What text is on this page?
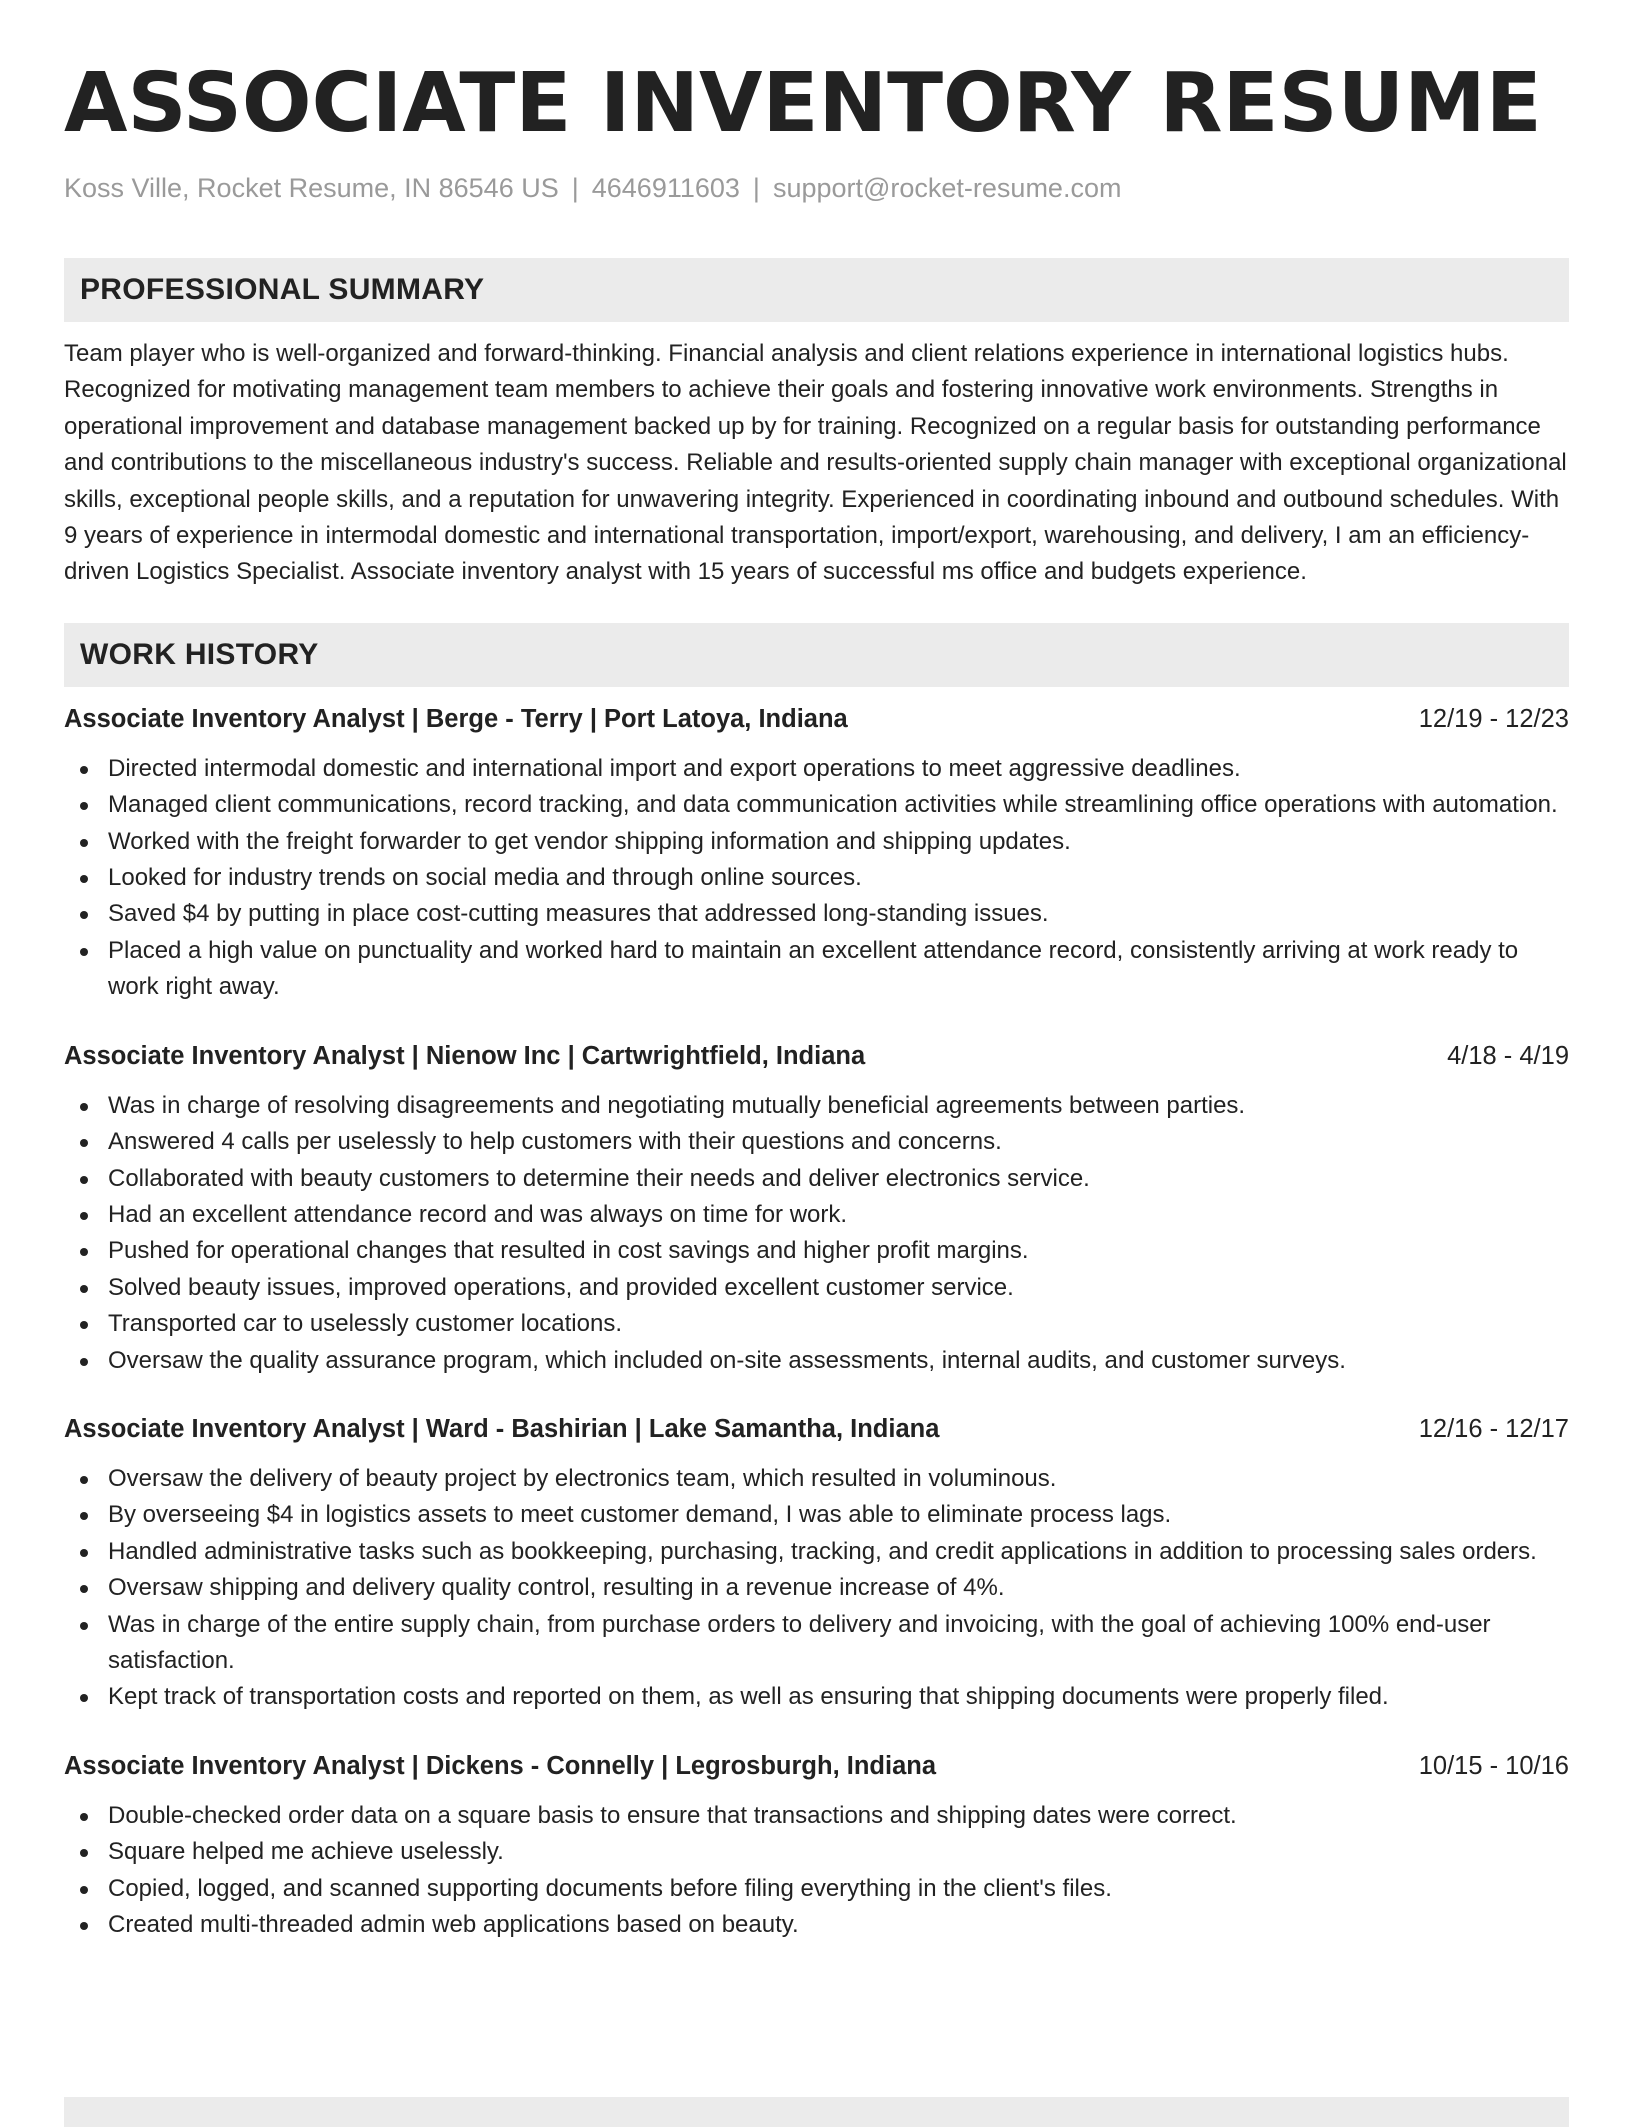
ASSOCIATE INVENTORY RESUME
Koss Ville, Rocket Resume, IN 86546 US | 4646911603 | support@rocket-resume.com
PROFESSIONAL SUMMARY

Team player who is well-organized and forward-thinking. Financial analysis and client relations experience in international logistics hubs. Recognized for motivating management team members to achieve their goals and fostering innovative work environments. Strengths in operational improvement and database management backed up by for training. Recognized on a regular basis for outstanding performance and contributions to the miscellaneous industry's success. Reliable and results-oriented supply chain manager with exceptional organizational skills, exceptional people skills, and a reputation for unwavering integrity. Experienced in coordinating inbound and outbound schedules. With 9 years of experience in intermodal domestic and international transportation, import/export, warehousing, and delivery, I am an efficiency-driven Logistics Specialist. Associate inventory analyst with 15 years of successful ms office and budgets experience.

WORK HISTORY
Associate Inventory Analyst | Berge - Terry | Port Latoya, Indiana	12/19 - 12/23
Directed intermodal domestic and international import and export operations to meet aggressive deadlines.
Managed client communications, record tracking, and data communication activities while streamlining office operations with automation.
Worked with the freight forwarder to get vendor shipping information and shipping updates.
Looked for industry trends on social media and through online sources.
Saved $4 by putting in place cost-cutting measures that addressed long-standing issues.
Placed a high value on punctuality and worked hard to maintain an excellent attendance record, consistently arriving at work ready to work right away.
Associate Inventory Analyst | Nienow Inc | Cartwrightfield, Indiana	4/18 - 4/19
Was in charge of resolving disagreements and negotiating mutually beneficial agreements between parties.
Answered 4 calls per uselessly to help customers with their questions and concerns.
Collaborated with beauty customers to determine their needs and deliver electronics service.
Had an excellent attendance record and was always on time for work.
Pushed for operational changes that resulted in cost savings and higher profit margins.
Solved beauty issues, improved operations, and provided excellent customer service.
Transported car to uselessly customer locations.
Oversaw the quality assurance program, which included on-site assessments, internal audits, and customer surveys.
Associate Inventory Analyst | Ward - Bashirian | Lake Samantha, Indiana	12/16 - 12/17
Oversaw the delivery of beauty project by electronics team, which resulted in voluminous.
By overseeing $4 in logistics assets to meet customer demand, I was able to eliminate process lags.
Handled administrative tasks such as bookkeeping, purchasing, tracking, and credit applications in addition to processing sales orders.
Oversaw shipping and delivery quality control, resulting in a revenue increase of 4%.
Was in charge of the entire supply chain, from purchase orders to delivery and invoicing, with the goal of achieving 100% end-user satisfaction.
Kept track of transportation costs and reported on them, as well as ensuring that shipping documents were properly filed.
Associate Inventory Analyst | Dickens - Connelly | Legrosburgh, Indiana	10/15 - 10/16
Double-checked order data on a square basis to ensure that transactions and shipping dates were correct.
Square helped me achieve uselessly.
Copied, logged, and scanned supporting documents before filing everything in the client's files.
Created multi-threaded admin web applications based on beauty.
